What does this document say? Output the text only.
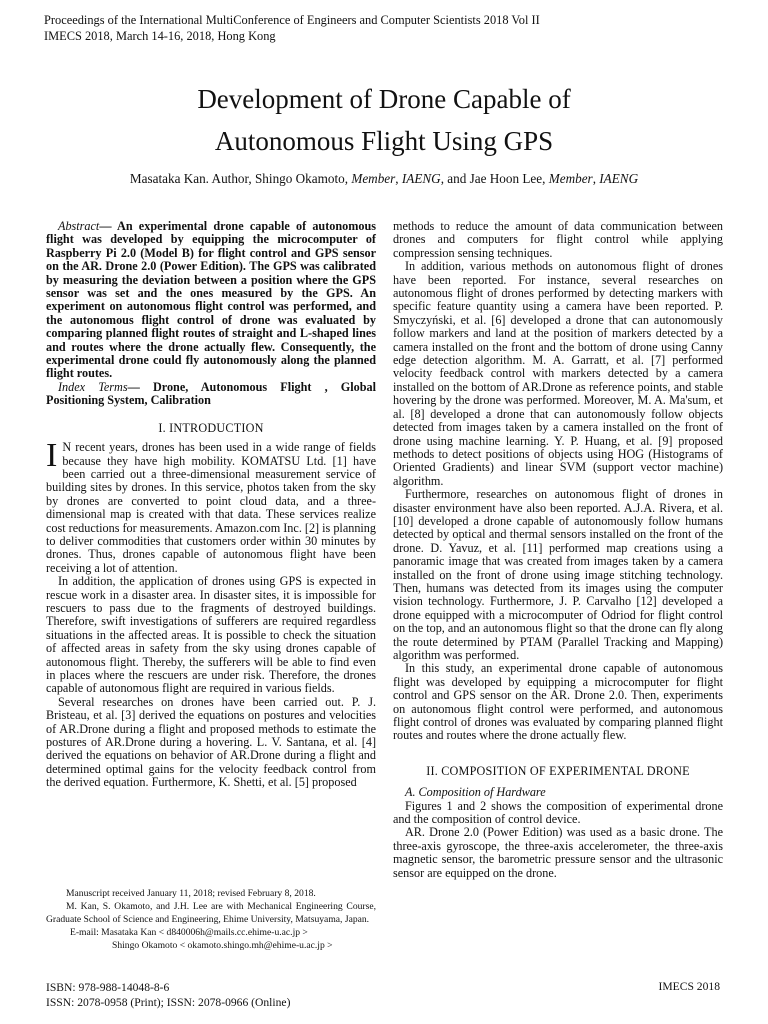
Proceedings of the International MultiConference of Engineers and Computer Scientists 2018 Vol II
IMECS 2018, March 14-16, 2018, Hong Kong
Development of Drone Capable of
Autonomous Flight Using GPS
Masataka Kan. Author, Shingo Okamoto, Member, IAENG, and Jae Hoon Lee, Member, IAENG

Abstract— An experimental drone capable of autonomous flight was developed by equipping the microcomputer of Raspberry Pi 2.0 (Model B) for flight control and GPS sensor on the AR. Drone 2.0 (Power Edition). The GPS was calibrated by measuring the deviation between a position where the GPS sensor was set and the ones measured by the GPS. An experiment on autonomous flight control was performed, and the autonomous flight control of drone was evaluated by comparing planned flight routes of straight and L-shaped lines and routes where the drone actually flew. Consequently, the experimental drone could fly autonomously along the planned flight routes.

Index Terms— Drone, Autonomous Flight , Global Positioning System, Calibration

I. INTRODUCTION

I N recent years, drones has been used in a wide range of fields because they have high mobility. KOMATSU Ltd. [1] have been carried out a three-dimensional measurement service of building sites by drones. In this service, photos taken from the sky by drones are converted to point cloud data, and a three-dimensional map is created with that data. These services realize cost reductions for measurements. Amazon.com Inc. [2] is planning to deliver commodities that customers order within 30 minutes by drones. Thus, drones capable of autonomous flight have been receiving a lot of attention.

In addition, the application of drones using GPS is expected in rescue work in a disaster area. In disaster sites, it is impossible for rescuers to pass due to the fragments of destroyed buildings. Therefore, swift investigations of sufferers are required regardless situations in the affected areas. It is possible to check the situation of affected areas in safety from the sky using drones capable of autonomous flight. Thereby, the sufferers will be able to find even in places where the rescuers are under risk. Therefore, the drones capable of autonomous flight are required in various fields.

Several researches on drones have been carried out. P. J. Bristeau, et al. [3] derived the equations on postures and velocities of AR.Drone during a flight and proposed methods to estimate the postures of AR.Drone during a hovering. L. V. Santana, et al. [4] derived the equations on behavior of AR.Drone during a flight and determined optimal gains for the velocity feedback control from the derived equation. Furthermore, K. Shetti, et al. [5] proposed

Manuscript received January 11, 2018; revised February 8, 2018.

M. Kan, S. Okamoto, and J.H. Lee are with Mechanical Engineering Course, Graduate School of Science and Engineering, Ehime University, Matsuyama, Japan.

E-mail: Masataka Kan < d840006h@mails.cc.ehime-u.ac.jp >

Shingo Okamoto < okamoto.shingo.mh@ehime-u.ac.jp >

methods to reduce the amount of data communication between drones and computers for flight control while applying compression sensing techniques.

In addition, various methods on autonomous flight of drones have been reported. For instance, several researches on autonomous flight of drones performed by detecting markers with specific feature quantity using a camera have been reported. P. Smyczyński, et al. [6] developed a drone that can autonomously follow markers and land at the position of markers detected by a camera installed on the front and the bottom of drone using Canny edge detection algorithm. M. A. Garratt, et al. [7] performed velocity feedback control with markers detected by a camera installed on the bottom of AR.Drone as reference points, and stable hovering by the drone was performed. Moreover, M. A. Ma'sum, et al. [8] developed a drone that can autonomously follow objects detected from images taken by a camera installed on the front of drone using machine learning. Y. P. Huang, et al. [9] proposed methods to detect positions of objects using HOG (Histograms of Oriented Gradients) and linear SVM (support vector machine) algorithm.

Furthermore, researches on autonomous flight of drones in disaster environment have also been reported. A.J.A. Rivera, et al. [10] developed a drone capable of autonomously follow humans detected by optical and thermal sensors installed on the front of the drone. D. Yavuz, et al. [11] performed map creations using a panoramic image that was created from images taken by a camera installed on the front of drone using image stitching technology. Then, humans was detected from its images using the computer vision technology. Furthermore, J. P. Carvalho [12] developed a drone equipped with a microcomputer of Odriod for flight control on the top, and an autonomous flight so that the drone can fly along the route determined by PTAM (Parallel Tracking and Mapping) algorithm was performed.

In this study, an experimental drone capable of autonomous flight was developed by equipping a microcomputer for flight control and GPS sensor on the AR. Drone 2.0. Then, experiments on autonomous flight control were performed, and autonomous flight control of drones was evaluated by comparing planned flight routes and routes where the drone actually flew.

II. COMPOSITION OF EXPERIMENTAL DRONE

A. Composition of Hardware

Figures 1 and 2 shows the composition of experimental drone and the composition of control device.

AR. Drone 2.0 (Power Edition) was used as a basic drone. The three-axis gyroscope, the three-axis accelerometer, the three-axis magnetic sensor, the barometric pressure sensor and the ultrasonic sensor are equipped on the drone.

ISBN: 978-988-14048-8-6
ISSN: 2078-0958 (Print); ISSN: 2078-0966 (Online)
IMECS 2018
